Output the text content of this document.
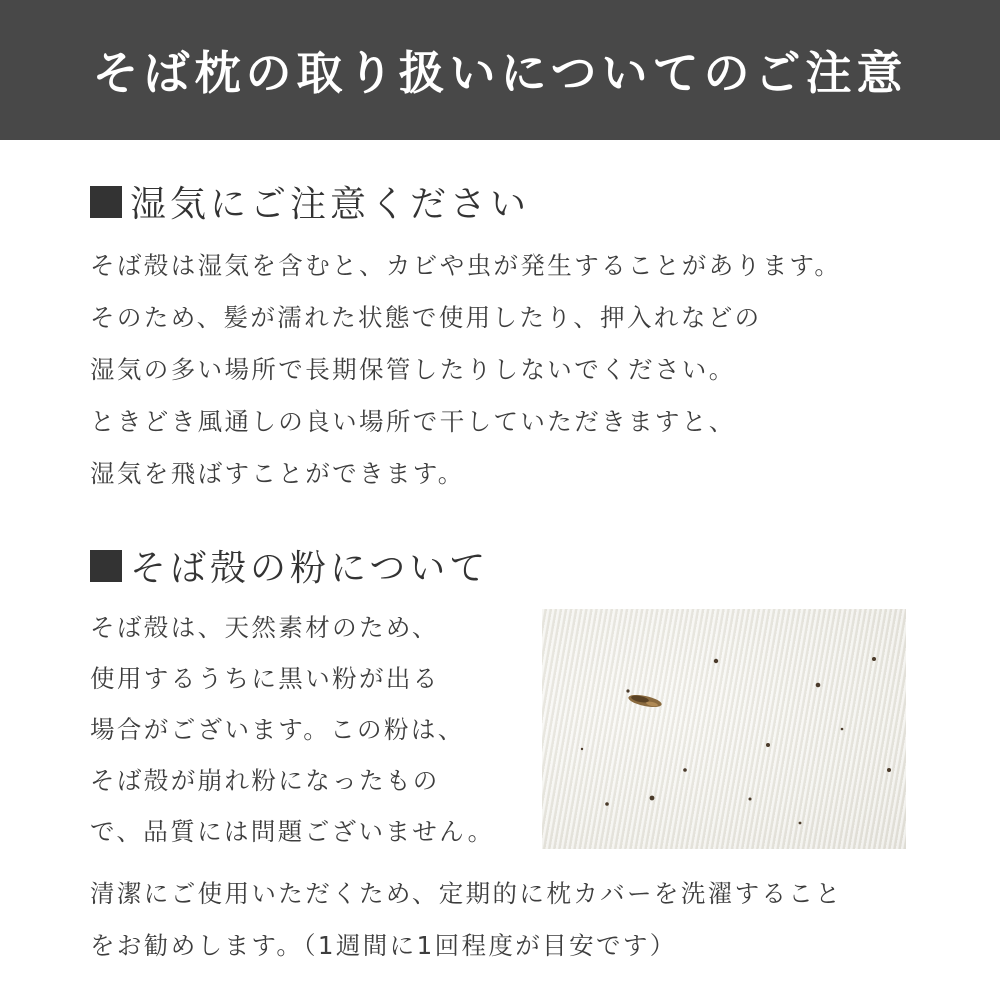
そば枕の取り扱いについてのご注意
湿気にご注意ください
そば殻は湿気を含むと、カビや虫が発生することがあります。
そのため、髪が濡れた状態で使用したり、押入れなどの
湿気の多い場所で長期保管したりしないでください。
ときどき風通しの良い場所で干していただきますと、
湿気を飛ばすことができます。
そば殻の粉について
そば殻は、天然素材のため、
使用するうちに黒い粉が出る
場合がございます。この粉は、
そば殻が崩れ粉になったもの
で、品質には問題ございません。
清潔にご使用いただくため、定期的に枕カバーを洗濯すること
をお勧めします。（1週間に1回程度が目安です）
